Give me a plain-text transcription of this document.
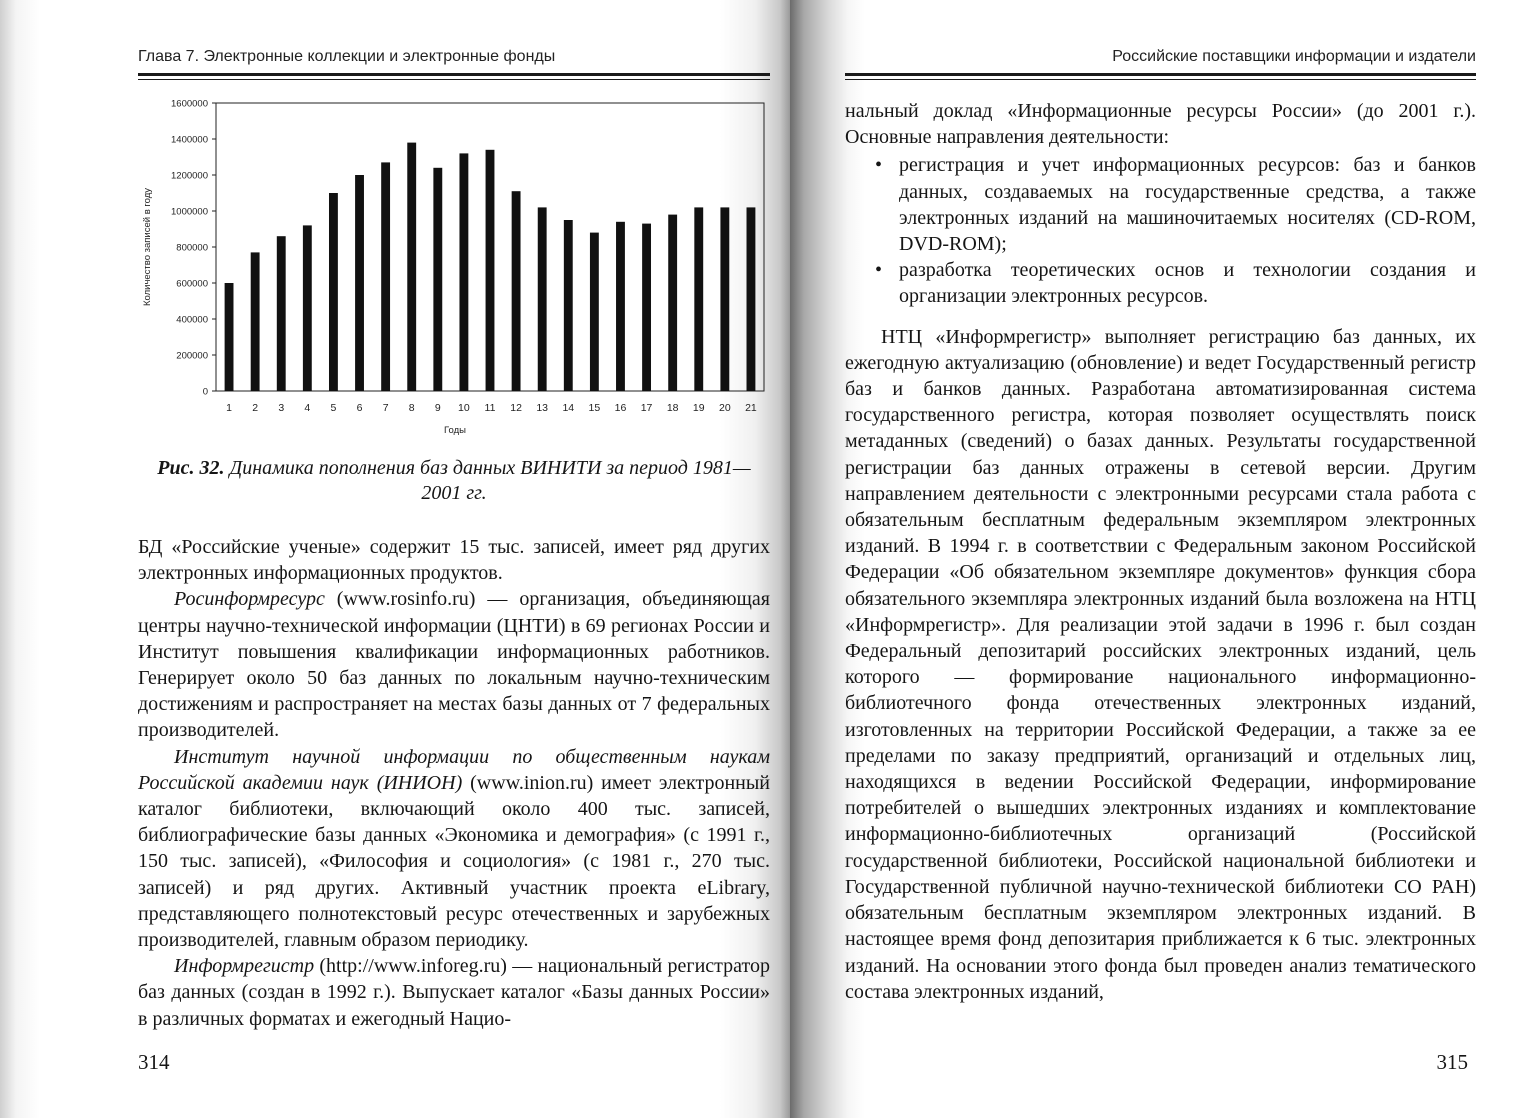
Глава 7. Электронные коллекции и электронные фонды
0
200000
400000
600000
800000
1000000
1200000
1400000
1600000
1 2 3 4 5 6 7 8 9 10 11 12 13 14 15 16 17 18 19 20 21
Годы
Количество записей в году
Рис. 32. Динамика пополнения баз данных ВИНИТИ за период 1981—2001 гг.

БД «Российские ученые» содержит 15 тыс. записей, имеет ряд других электронных информационных продуктов.

Росинформресурс (www.rosinfo.ru) — организация, объединяющая центры научно-технической информации (ЦНТИ) в 69 регионах России и Институт повышения квалификации информационных работников. Генерирует около 50 баз данных по локальным научно-техническим достижениям и распространяет на местах базы данных от 7 федеральных производителей.

Институт научной информации по общественным наукам Российской академии наук (ИНИОН) (www.inion.ru) имеет электронный каталог библиотеки, включающий около 400 тыс. записей, библиографические базы данных «Экономика и демография» (с 1991 г., 150 тыс. записей), «Философия и социология» (с 1981 г., 270 тыс. записей) и ряд других. Активный участник проекта eLibrary, представляющего полнотекстовый ресурс отечественных и зарубежных производителей, главным образом периодику.

Информрегистр (http://www.inforeg.ru) — национальный регистратор баз данных (создан в 1992 г.). Выпускает каталог «Базы данных России» в различных форматах и ежегодный Нацио-

314
Российские поставщики информации и издатели

нальный доклад «Информационные ресурсы России» (до 2001 г.). Основные направления деятельности:

• регистрация и учет информационных ресурсов: баз и банков данных, создаваемых на государственные средства, а также электронных изданий на машиночитаемых носителях (CD-ROM, DVD-ROM);
• разработка теоретических основ и технологии создания и организации электронных ресурсов.

НТЦ «Информрегистр» выполняет регистрацию баз данных, их ежегодную актуализацию (обновление) и ведет Государственный регистр баз и банков данных. Разработана автоматизированная система государственного регистра, которая позволяет осуществлять поиск метаданных (сведений) о базах данных. Результаты государственной регистрации баз данных отражены в сетевой версии. Другим направлением деятельности с электронными ресурсами стала работа с обязательным бесплатным федеральным экземпляром электронных изданий. В 1994 г. в соответствии с Федеральным законом Российской Федерации «Об обязательном экземпляре документов» функция сбора обязательного экземпляра электронных изданий была возложена на НТЦ «Информрегистр». Для реализации этой задачи в 1996 г. был создан Федеральный депозитарий российских электронных изданий, цель которого — формирование национального информационно-библиотечного фонда отечественных электронных изданий, изготовленных на территории Российской Федерации, а также за ее пределами по заказу предприятий, организаций и отдельных лиц, находящихся в ведении Российской Федерации, информирование потребителей о вышедших электронных изданиях и комплектование информационно-библиотечных организаций (Российской государственной библиотеки, Российской национальной библиотеки и Государственной публичной научно-технической библиотеки СО РАН) обязательным бесплатным экземпляром электронных изданий. В настоящее время фонд депозитария приближается к 6 тыс. электронных изданий. На основании этого фонда был проведен анализ тематического состава электронных изданий,

315
